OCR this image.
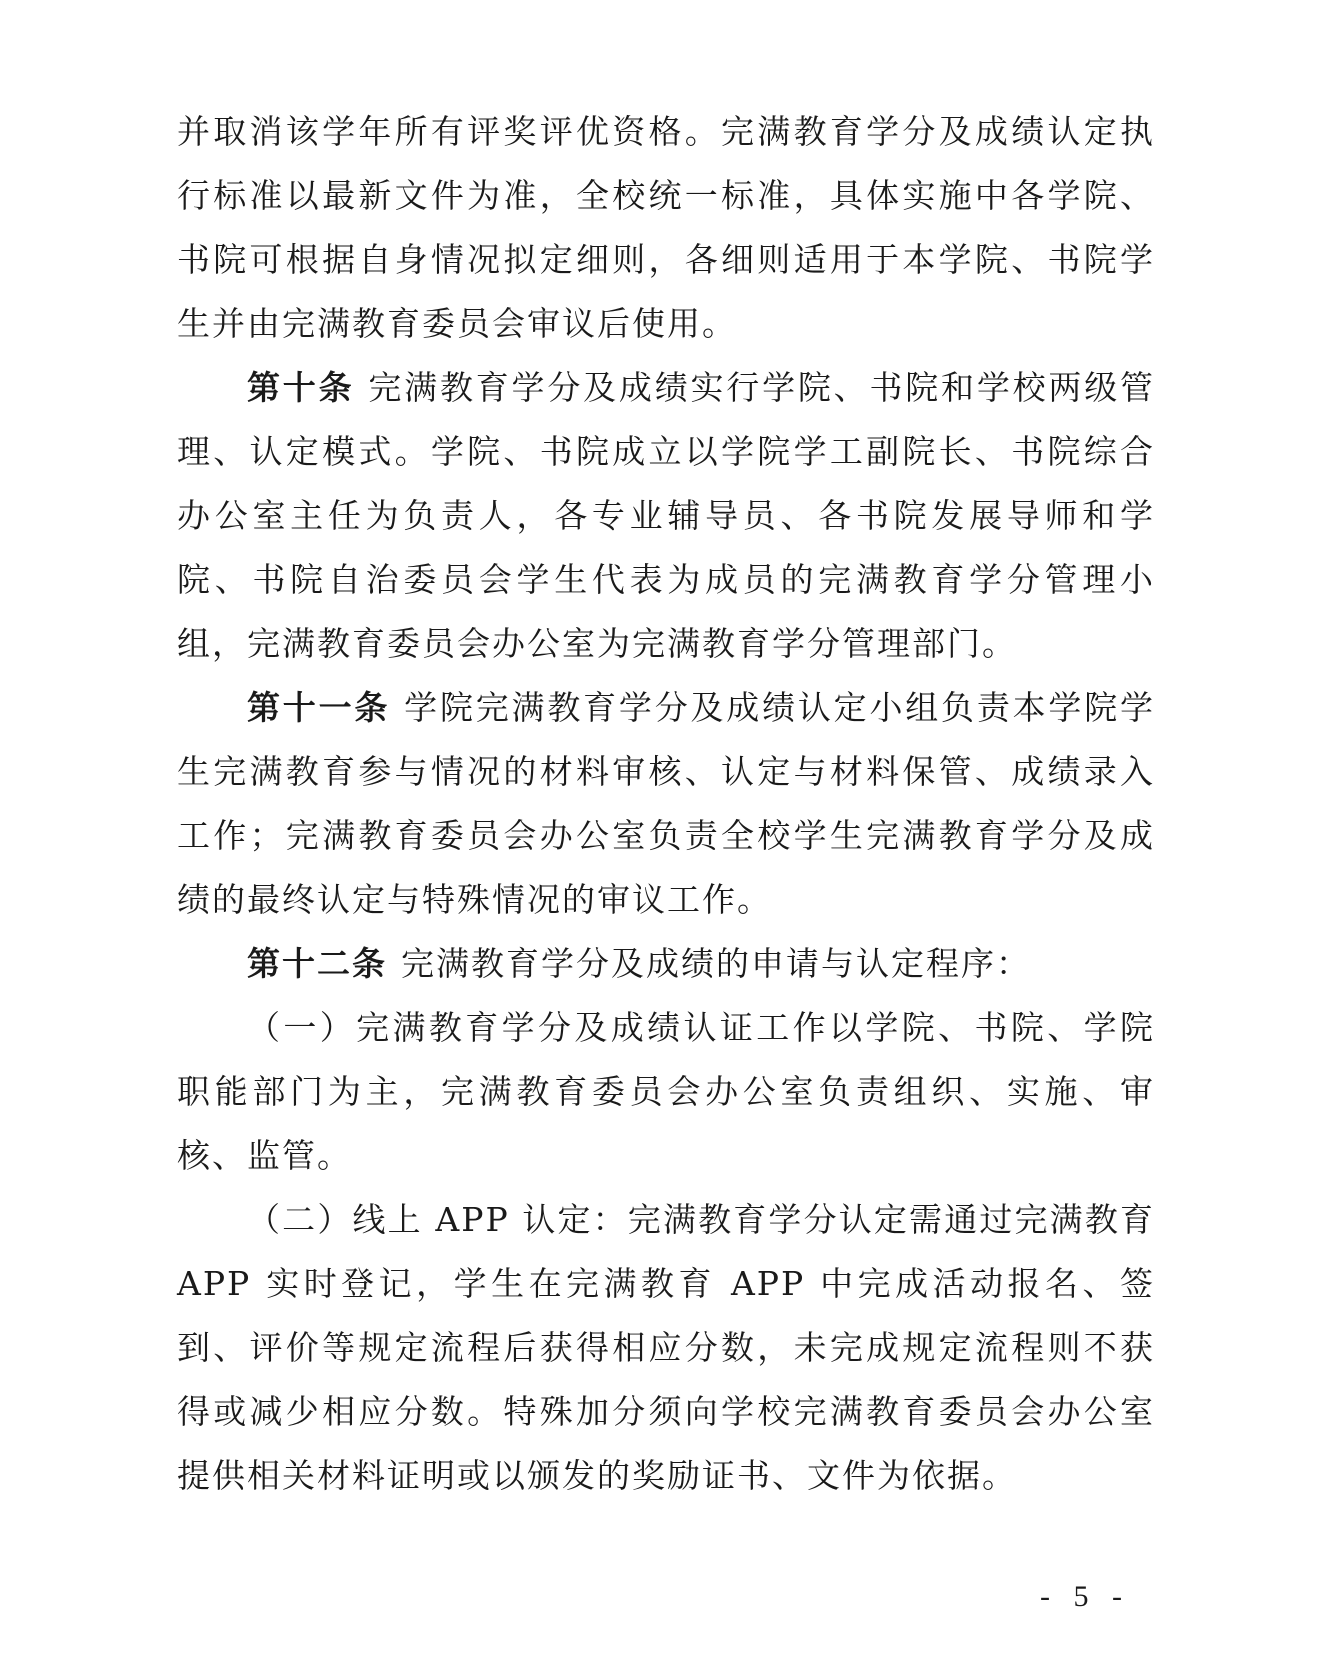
并取消该学年所有评奖评优资格。完满教育学分及成绩认定执行标准以最新文件为准，全校统一标准，具体实施中各学院、书院可根据自身情况拟定细则，各细则适用于本学院、书院学生并由完满教育委员会审议后使用。

第十条 完满教育学分及成绩实行学院、书院和学校两级管理、认定模式。学院、书院成立以学院学工副院长、书院综合办公室主任为负责人，各专业辅导员、各书院发展导师和学院、书院自治委员会学生代表为成员的完满教育学分管理小组，完满教育委员会办公室为完满教育学分管理部门。

第十一条 学院完满教育学分及成绩认定小组负责本学院学生完满教育参与情况的材料审核、认定与材料保管、成绩录入工作；完满教育委员会办公室负责全校学生完满教育学分及成绩的最终认定与特殊情况的审议工作。

第十二条 完满教育学分及成绩的申请与认定程序：

（一）完满教育学分及成绩认证工作以学院、书院、学院职能部门为主，完满教育委员会办公室负责组织、实施、审核、监管。

（二）线上 APP 认定：完满教育学分认定需通过完满教育 APP 实时登记，学生在完满教育 APP 中完成活动报名、签到、评价等规定流程后获得相应分数，未完成规定流程则不获得或减少相应分数。特殊加分须向学校完满教育委员会办公室提供相关材料证明或以颁发的奖励证书、文件为依据。

- 5 -
